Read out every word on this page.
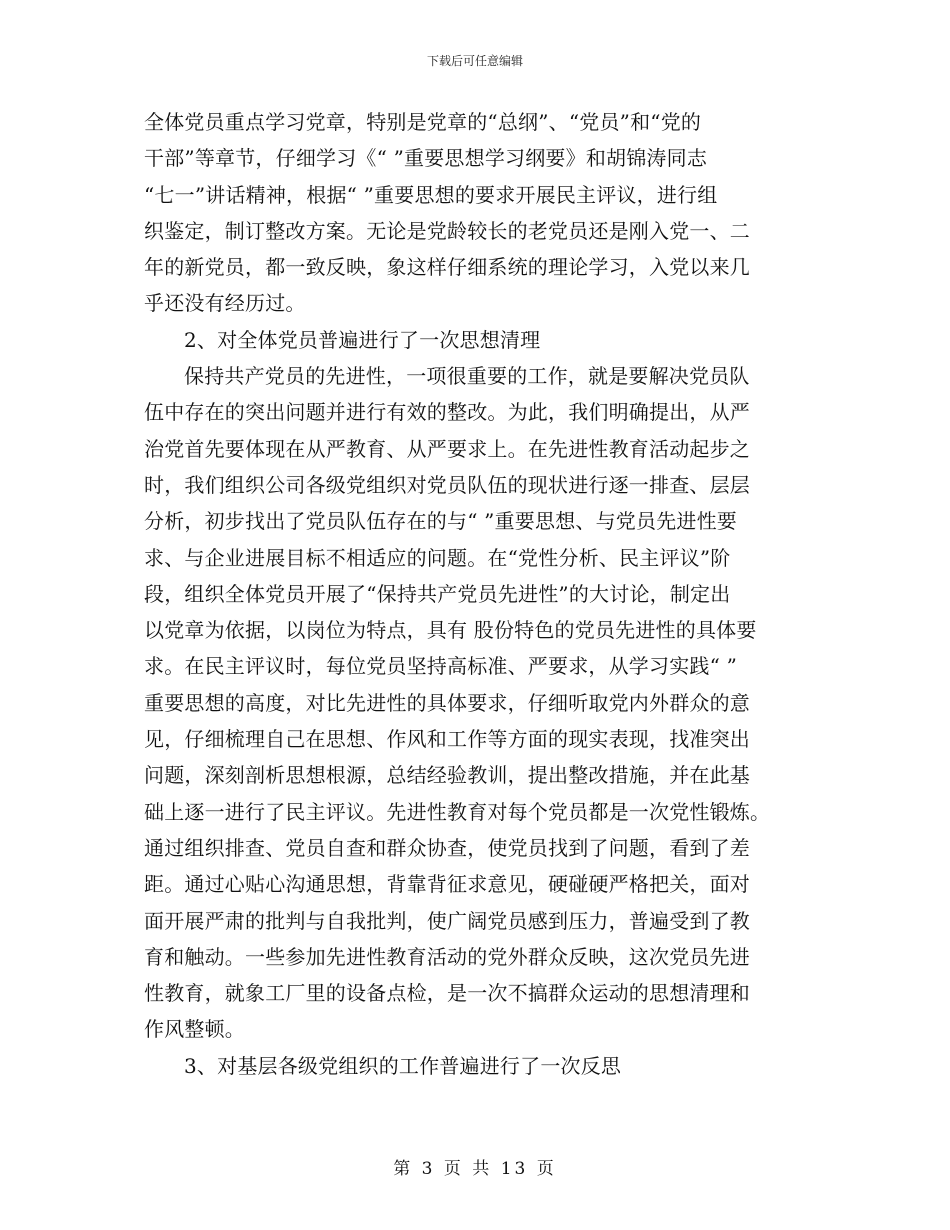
下载后可任意编辑
全体党员重点学习党章，特别是党章的“总纲”、“党员”和“党的
干部”等章节，仔细学习《“ ”重要思想学习纲要》和胡锦涛同志
“七一”讲话精神，根据“ ”重要思想的要求开展民主评议，进行组
织鉴定，制订整改方案。无论是党龄较长的老党员还是刚入党一、二
年的新党员，都一致反映，象这样仔细系统的理论学习，入党以来几
乎还没有经历过。
2、对全体党员普遍进行了一次思想清理
保持共产党员的先进性，一项很重要的工作，就是要解决党员队
伍中存在的突出问题并进行有效的整改。为此，我们明确提出，从严
治党首先要体现在从严教育、从严要求上。在先进性教育活动起步之
时，我们组织公司各级党组织对党员队伍的现状进行逐一排查、层层
分析，初步找出了党员队伍存在的与“ ”重要思想、与党员先进性要
求、与企业进展目标不相适应的问题。在“党性分析、民主评议”阶
段，组织全体党员开展了“保持共产党员先进性”的大讨论，制定出
以党章为依据，以岗位为特点，具有 股份特色的党员先进性的具体要
求。在民主评议时，每位党员坚持高标准、严要求，从学习实践“ ”
重要思想的高度，对比先进性的具体要求，仔细听取党内外群众的意
见，仔细梳理自己在思想、作风和工作等方面的现实表现，找准突出
问题，深刻剖析思想根源，总结经验教训，提出整改措施，并在此基
础上逐一进行了民主评议。先进性教育对每个党员都是一次党性锻炼。
通过组织排查、党员自查和群众协查，使党员找到了问题，看到了差
距。通过心贴心沟通思想，背靠背征求意见，硬碰硬严格把关，面对
面开展严肃的批判与自我批判，使广阔党员感到压力，普遍受到了教
育和触动。一些参加先进性教育活动的党外群众反映，这次党员先进
性教育，就象工厂里的设备点检，是一次不搞群众运动的思想清理和
作风整顿。
3、对基层各级党组织的工作普遍进行了一次反思
第 3 页 共 13 页
